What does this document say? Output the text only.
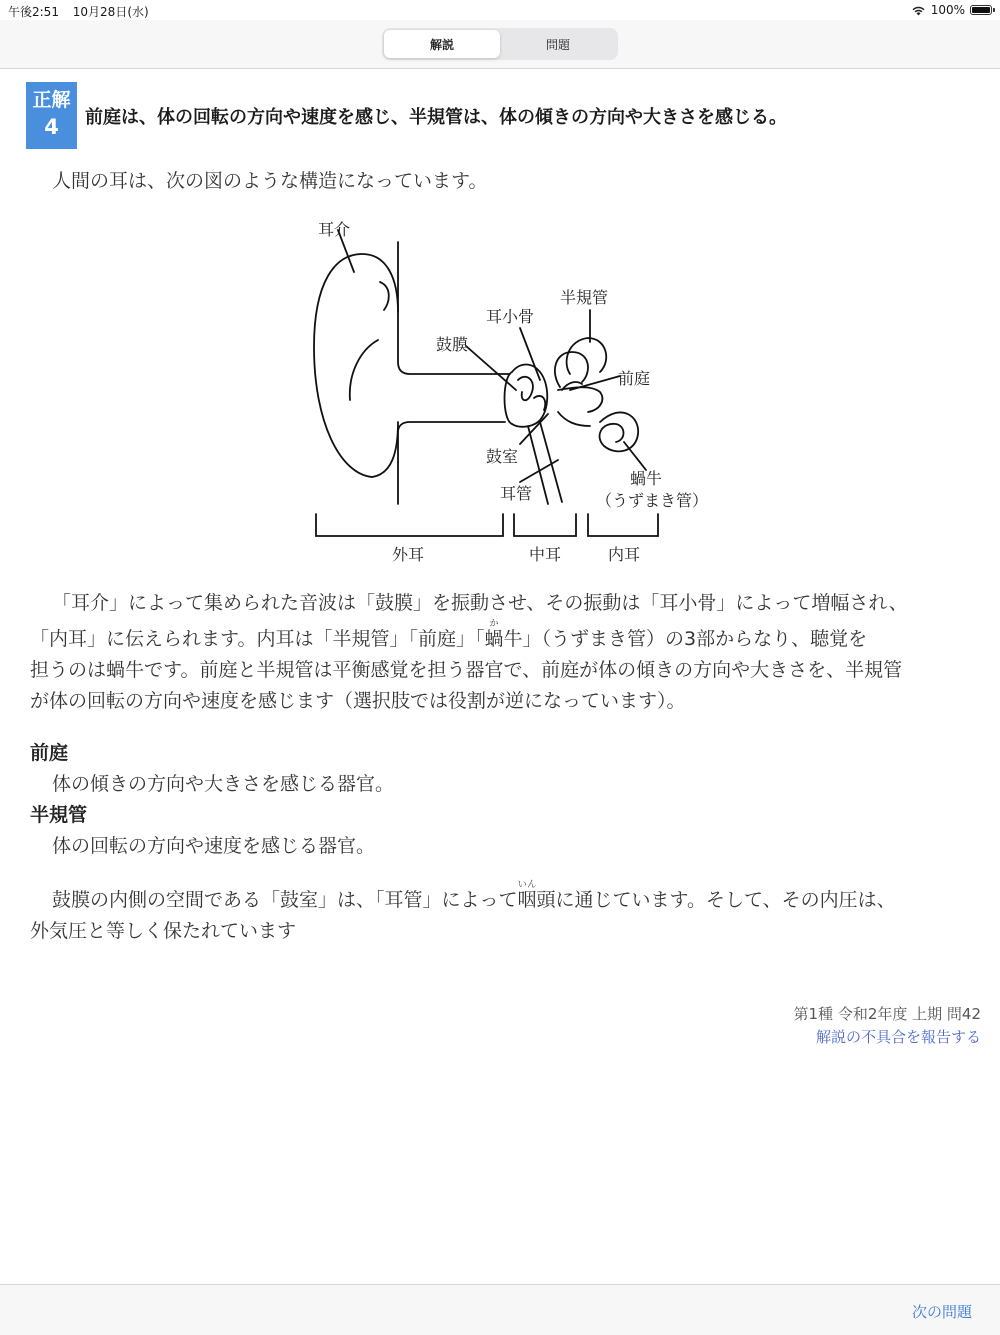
午後2:51 10月28日(水)	100%
解説	問題
正解
4	前庭は、体の回転の方向や速度を感じ、半規管は、体の傾きの方向や大きさを感じる。
人間の耳は、次の図のような構造になっています。
耳介
半規管
耳小骨
鼓膜
前庭
鼓室
蝸牛
（うずまき管）
耳管
外耳	中耳	内耳
「耳介」によって集められた音波は「鼓膜」を振動させ、その振動は「耳小骨」によって増幅され、
「内耳」に伝えられます。内耳は「半規管」「前庭」「蝸か牛」（うずまき管）の3部からなり、聴覚を
担うのは蝸牛です。前庭と半規管は平衡感覚を担う器官で、前庭が体の傾きの方向や大きさを、半規管
が体の回転の方向や速度を感じます（選択肢では役割が逆になっています）。
前庭
体の傾きの方向や大きさを感じる器官。
半規管
体の回転の方向や速度を感じる器官。
鼓膜の内側の空間である「鼓室」は、「耳管」によって咽いん頭に通じています。そして、その内圧は、
外気圧と等しく保たれています
第1種 令和2年度 上期 問42
解説の不具合を報告する
次の問題
